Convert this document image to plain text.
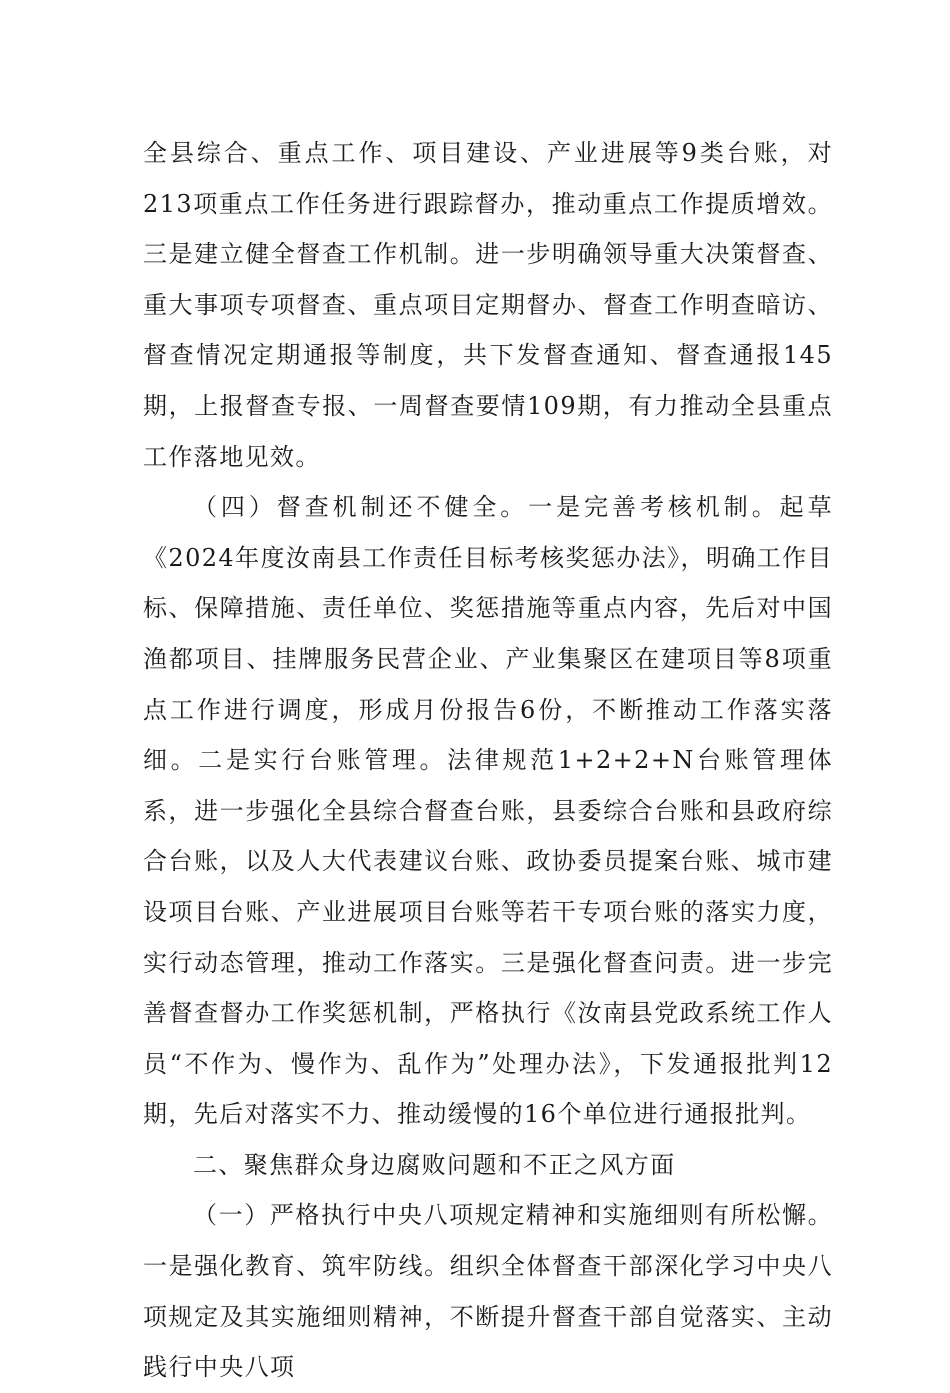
全县综合、重点工作、项目建设、产业进展等9类台账，对213项重点工作任务进行跟踪督办，推动重点工作提质增效。三是建立健全督查工作机制。进一步明确领导重大决策督查、重大事项专项督查、重点项目定期督办、督查工作明查暗访、督查情况定期通报等制度，共下发督查通知、督查通报145期，上报督查专报、一周督查要情109期，有力推动全县重点工作落地见效。

（四）督查机制还不健全。一是完善考核机制。起草《2024年度汝南县工作责任目标考核奖惩办法》，明确工作目标、保障措施、责任单位、奖惩措施等重点内容，先后对中国渔都项目、挂牌服务民营企业、产业集聚区在建项目等8项重点工作进行调度，形成月份报告6份，不断推动工作落实落细。二是实行台账管理。法律规范1+2+2+N台账管理体系，进一步强化全县综合督查台账，县委综合台账和县政府综合台账，以及人大代表建议台账、政协委员提案台账、城市建设项目台账、产业进展项目台账等若干专项台账的落实力度，实行动态管理，推动工作落实。三是强化督查问责。进一步完善督查督办工作奖惩机制，严格执行《汝南县党政系统工作人员“不作为、慢作为、乱作为”处理办法》，下发通报批判12期，先后对落实不力、推动缓慢的16个单位进行通报批判。

二、聚焦群众身边腐败问题和不正之风方面

（一）严格执行中央八项规定精神和实施细则有所松懈。一是强化教育、筑牢防线。组织全体督查干部深化学习中央八项规定及其实施细则精神，不断提升督查干部自觉落实、主动践行中央八项
